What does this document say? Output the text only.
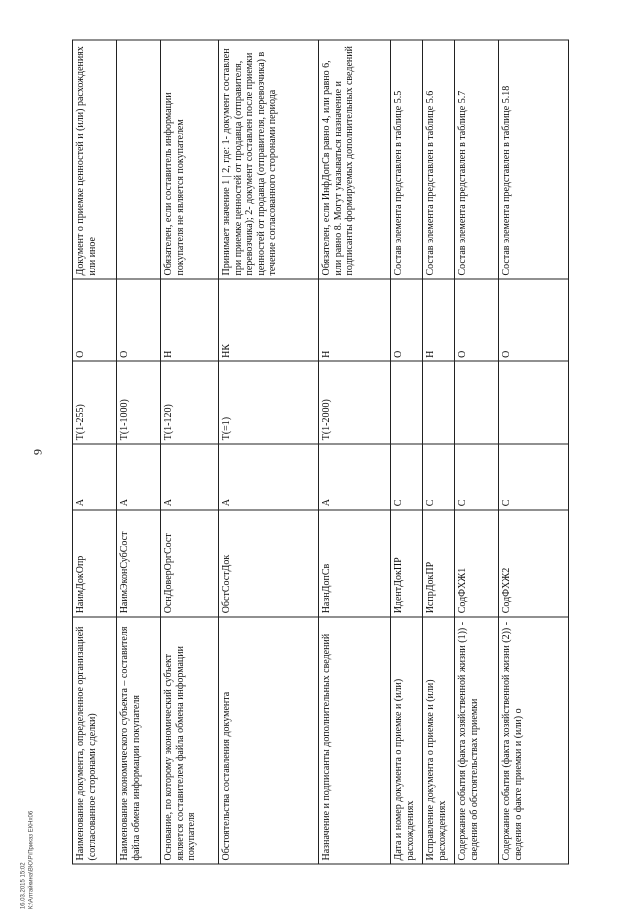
9
16.03.2015 15:02 К:\Алтайкина\ВЮ\Р\Приказ ЕКНх06	Наименование документа, определенное организацией (согласованное сторонами сделки)	НаимДокОпр	А	Т(1-255)	О	Документ о приемке ценностей и (или) расхождениях или иное
Наименование экономического субъекта – составителя файла обмена информации покупателя	НаимЭконСубСост	А	Т(1-1000)	О	
Основание, по которому экономический субъект является составителем файла обмена информации покупателя	ОснДоверОргСост	А	Т(1-120)	Н	Обязателен, если составитель информации покупателя не является покупателем
Обстоятельства составления документа	ОбстСостДок	А	Т(=1)	НК	Принимает значение 1 | 2, где: 1- документ составлен при приемке ценностей от продавца (отправителя, перевозчика); 2- документ составлен после приемки ценностей от продавца (отправителя, перевозчика) в течение согласованного сторонами периода
Назначение и подписанты дополнительных сведений	НазнДопСв	А	Т(1-2000)	Н	Обязателен, если ИнфДопСв равно 4, или равно 6, или равно 8. Могут указываться назначение и подписанты формируемых дополнительных сведений
Дата и номер документа о приемке и (или) расхождениях	ИдентДокПР	С		О	Состав элемента представлен в таблице 5.5
Исправление документа о приемке и (или) расхождениях	ИспрДокПР	С		Н	Состав элемента представлен в таблице 5.6
Содержание события (факта хозяйственной жизни (1)) - сведения об обстоятельствах приемки	СодФХЖ1	С		О	Состав элемента представлен в таблице 5.7
Содержание события (факта хозяйственной жизни (2)) - сведения о факте приемки и (или) о	СодФХЖ2	С		О	Состав элемента представлен в таблице 5.18
